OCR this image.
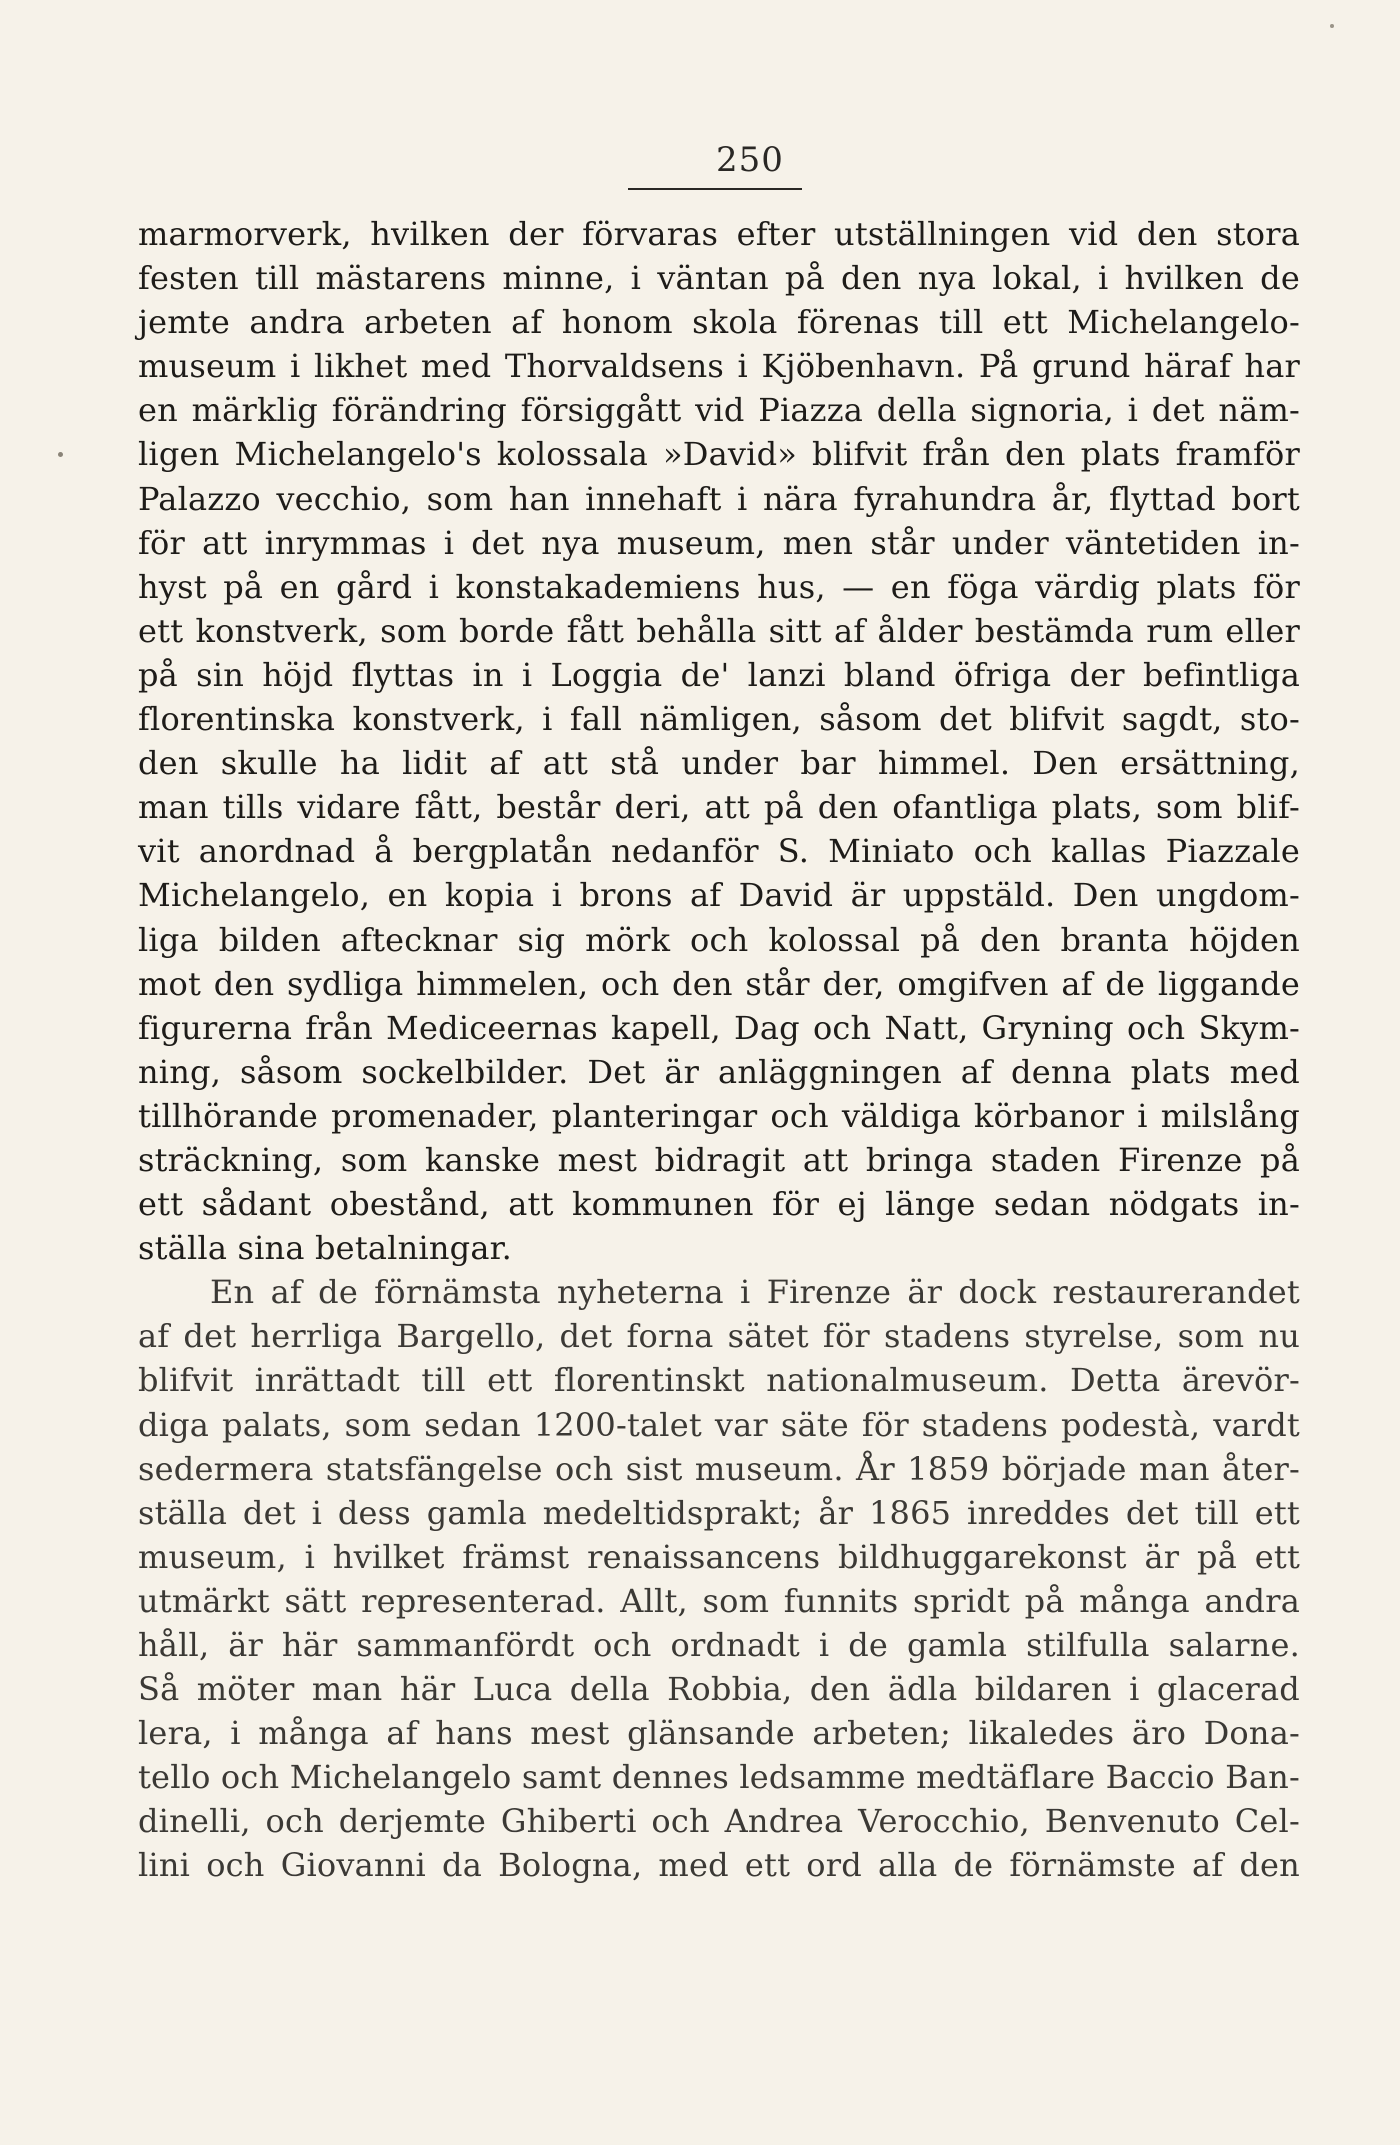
250
marmorverk, hvilken der förvaras efter utställningen vid den stora
festen till mästarens minne, i väntan på den nya lokal, i hvilken de
jemte andra arbeten af honom skola förenas till ett Michelangelo-
museum i likhet med Thorvaldsens i Kjöbenhavn. På grund häraf har
en märklig förändring försiggått vid Piazza della signoria, i det näm-
ligen Michelangelo's kolossala »David» blifvit från den plats framför
Palazzo vecchio, som han innehaft i nära fyrahundra år, flyttad bort
för att inrymmas i det nya museum, men står under väntetiden in-
hyst på en gård i konstakademiens hus, — en föga värdig plats för
ett konstverk, som borde fått behålla sitt af ålder bestämda rum eller
på sin höjd flyttas in i Loggia de' lanzi bland öfriga der befintliga
florentinska konstverk, i fall nämligen, såsom det blifvit sagdt, sto-
den skulle ha lidit af att stå under bar himmel. Den ersättning,
man tills vidare fått, består deri, att på den ofantliga plats, som blif-
vit anordnad å bergplatån nedanför S. Miniato och kallas Piazzale
Michelangelo, en kopia i brons af David är uppstäld. Den ungdom-
liga bilden aftecknar sig mörk och kolossal på den branta höjden
mot den sydliga himmelen, och den står der, omgifven af de liggande
figurerna från Mediceernas kapell, Dag och Natt, Gryning och Skym-
ning, såsom sockelbilder. Det är anläggningen af denna plats med
tillhörande promenader, planteringar och väldiga körbanor i milslång
sträckning, som kanske mest bidragit att bringa staden Firenze på
ett sådant obestånd, att kommunen för ej länge sedan nödgats in-
ställa sina betalningar.
En af de förnämsta nyheterna i Firenze är dock restaurerandet
af det herrliga Bargello, det forna sätet för stadens styrelse, som nu
blifvit inrättadt till ett florentinskt nationalmuseum. Detta ärevör-
diga palats, som sedan 1200-talet var säte för stadens podestà, vardt
sedermera statsfängelse och sist museum. År 1859 började man åter-
ställa det i dess gamla medeltidsprakt; år 1865 inreddes det till ett
museum, i hvilket främst renaissancens bildhuggarekonst är på ett
utmärkt sätt representerad. Allt, som funnits spridt på många andra
håll, är här sammanfördt och ordnadt i de gamla stilfulla salarne.
Så möter man här Luca della Robbia, den ädla bildaren i glacerad
lera, i många af hans mest glänsande arbeten; likaledes äro Dona-
tello och Michelangelo samt dennes ledsamme medtäflare Baccio Ban-
dinelli, och derjemte Ghiberti och Andrea Verocchio, Benvenuto Cel-
lini och Giovanni da Bologna, med ett ord alla de förnämste af den
